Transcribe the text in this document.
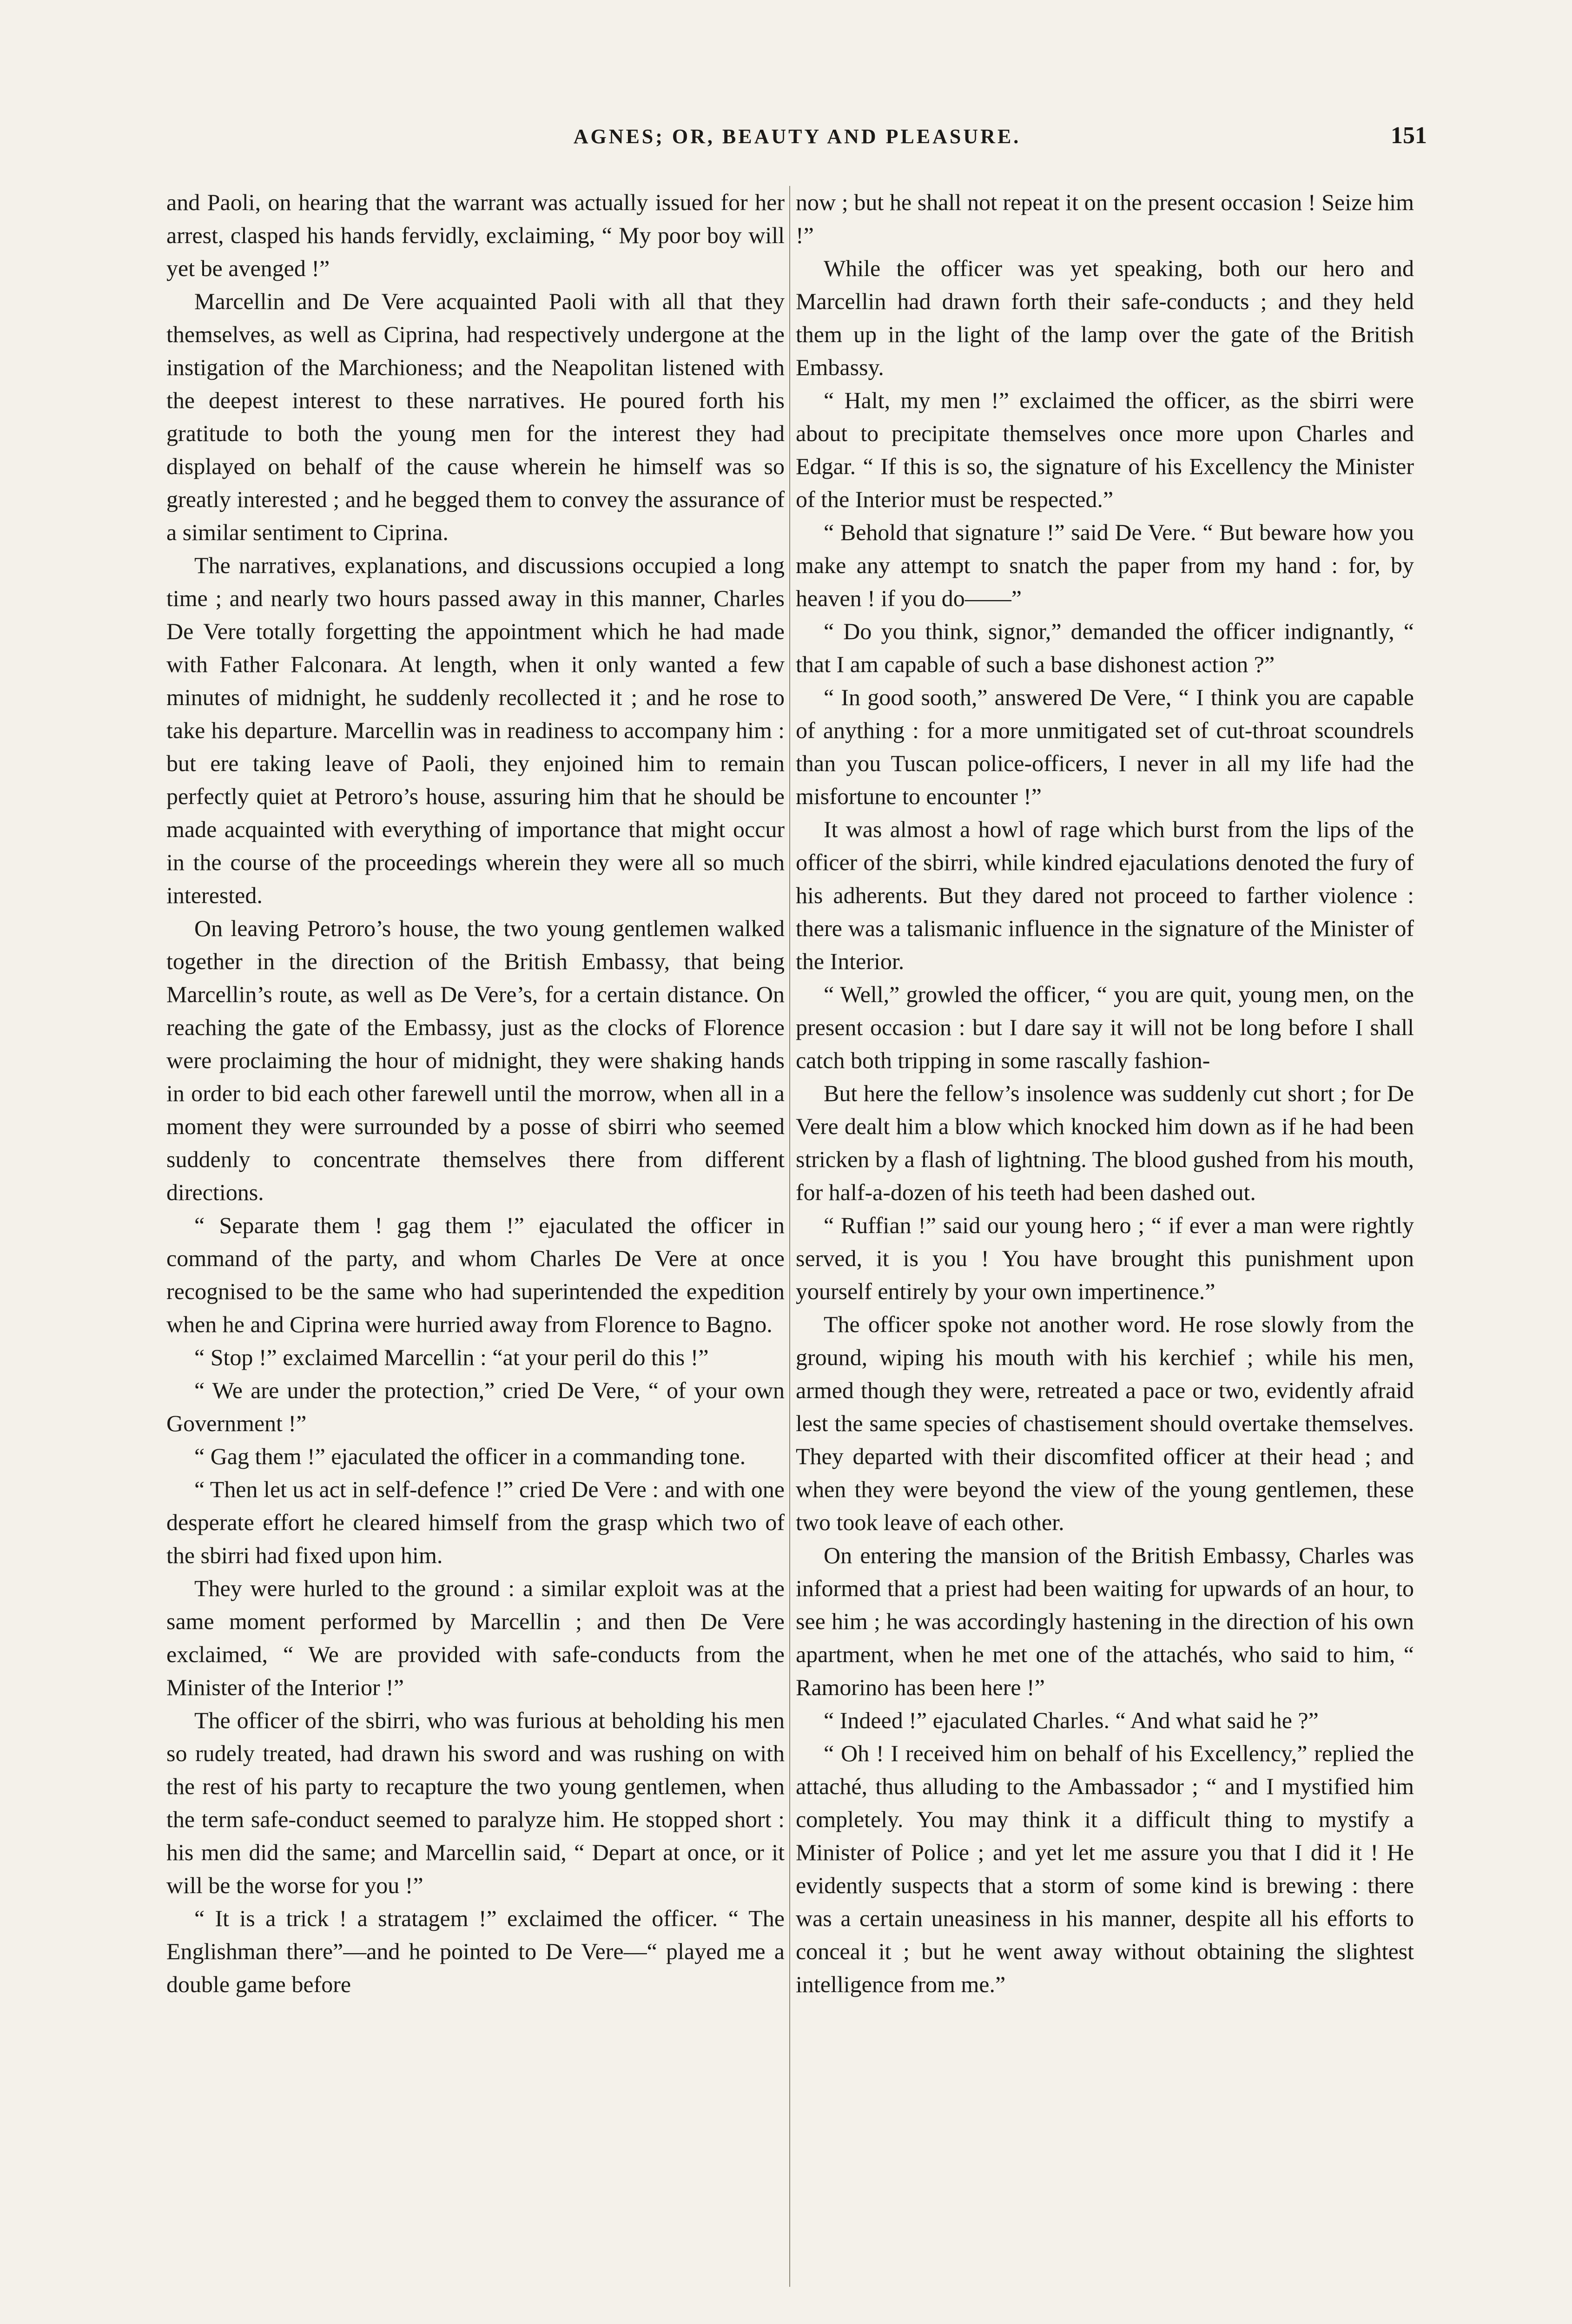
AGNES; OR, BEAUTY AND PLEASURE.	151

and Paoli, on hearing that the warrant was actually issued for her arrest, clasped his hands fervidly, exclaiming, “ My poor boy will yet be avenged !”

Marcellin and De Vere acquainted Paoli with all that they themselves, as well as Ciprina, had respectively undergone at the instigation of the Marchioness; and the Neapolitan listened with the deepest interest to these narratives. He poured forth his gratitude to both the young men for the interest they had displayed on behalf of the cause wherein he himself was so greatly interested ; and he begged them to convey the assurance of a similar sentiment to Ciprina.

The narratives, explanations, and discussions occupied a long time ; and nearly two hours passed away in this manner, Charles De Vere totally forgetting the appointment which he had made with Father Falconara. At length, when it only wanted a few minutes of midnight, he suddenly recollected it ; and he rose to take his departure. Marcellin was in readiness to accompany him : but ere taking leave of Paoli, they enjoined him to remain perfectly quiet at Petroro’s house, assuring him that he should be made acquainted with everything of importance that might occur in the course of the proceedings wherein they were all so much interested.

On leaving Petroro’s house, the two young gentlemen walked together in the direction of the British Embassy, that being Marcellin’s route, as well as De Vere’s, for a certain distance. On reaching the gate of the Embassy, just as the clocks of Florence were proclaiming the hour of midnight, they were shaking hands in order to bid each other farewell until the morrow, when all in a moment they were surrounded by a posse of sbirri who seemed suddenly to concentrate themselves there from different directions.

“ Separate them ! gag them !” ejaculated the officer in command of the party, and whom Charles De Vere at once recognised to be the same who had superintended the expedition when he and Ciprina were hurried away from Florence to Bagno.

“ Stop !” exclaimed Marcellin : “at your peril do this !”

“ We are under the protection,” cried De Vere, “ of your own Government !”

“ Gag them !” ejaculated the officer in a commanding tone.

“ Then let us act in self-defence !” cried De Vere : and with one desperate effort he cleared himself from the grasp which two of the sbirri had fixed upon him.

They were hurled to the ground : a similar exploit was at the same moment performed by Marcellin ; and then De Vere exclaimed, “ We are provided with safe-conducts from the Minister of the Interior !”

The officer of the sbirri, who was furious at beholding his men so rudely treated, had drawn his sword and was rushing on with the rest of his party to recapture the two young gentlemen, when the term safe-conduct seemed to paralyze him. He stopped short : his men did the same; and Marcellin said, “ Depart at once, or it will be the worse for you !”

“ It is a trick ! a stratagem !” exclaimed the officer. “ The Englishman there”—and he pointed to De Vere—“ played me a double game before

now ; but he shall not repeat it on the present occasion ! Seize him !”

While the officer was yet speaking, both our hero and Marcellin had drawn forth their safe-conducts ; and they held them up in the light of the lamp over the gate of the British Embassy.

“ Halt, my men !” exclaimed the officer, as the sbirri were about to precipitate themselves once more upon Charles and Edgar. “ If this is so, the signature of his Excellency the Minister of the Interior must be respected.”

“ Behold that signature !” said De Vere. “ But beware how you make any attempt to snatch the paper from my hand : for, by heaven ! if you do——”

“ Do you think, signor,” demanded the officer indignantly, “ that I am capable of such a base dishonest action ?”

“ In good sooth,” answered De Vere, “ I think you are capable of anything : for a more unmitigated set of cut-throat scoundrels than you Tuscan police-officers, I never in all my life had the misfortune to encounter !”

It was almost a howl of rage which burst from the lips of the officer of the sbirri, while kindred ejaculations denoted the fury of his adherents. But they dared not proceed to farther violence : there was a talismanic influence in the signature of the Minister of the Interior.

“ Well,” growled the officer, “ you are quit, young men, on the present occasion : but I dare say it will not be long before I shall catch both tripping in some rascally fashion-

But here the fellow’s insolence was suddenly cut short ; for De Vere dealt him a blow which knocked him down as if he had been stricken by a flash of lightning. The blood gushed from his mouth, for half-a-dozen of his teeth had been dashed out.

“ Ruffian !” said our young hero ; “ if ever a man were rightly served, it is you ! You have brought this punishment upon yourself entirely by your own impertinence.”

The officer spoke not another word. He rose slowly from the ground, wiping his mouth with his kerchief ; while his men, armed though they were, retreated a pace or two, evidently afraid lest the same species of chastisement should overtake themselves. They departed with their discomfited officer at their head ; and when they were beyond the view of the young gentlemen, these two took leave of each other.

On entering the mansion of the British Embassy, Charles was informed that a priest had been waiting for upwards of an hour, to see him ; he was accordingly hastening in the direction of his own apartment, when he met one of the attachés, who said to him, “ Ramorino has been here !”

“ Indeed !” ejaculated Charles. “ And what said he ?”

“ Oh ! I received him on behalf of his Excellency,” replied the attaché, thus alluding to the Ambassador ; “ and I mystified him completely. You may think it a difficult thing to mystify a Minister of Police ; and yet let me assure you that I did it ! He evidently suspects that a storm of some kind is brewing : there was a certain uneasiness in his manner, despite all his efforts to conceal it ; but he went away without obtaining the slightest intelligence from me.”
